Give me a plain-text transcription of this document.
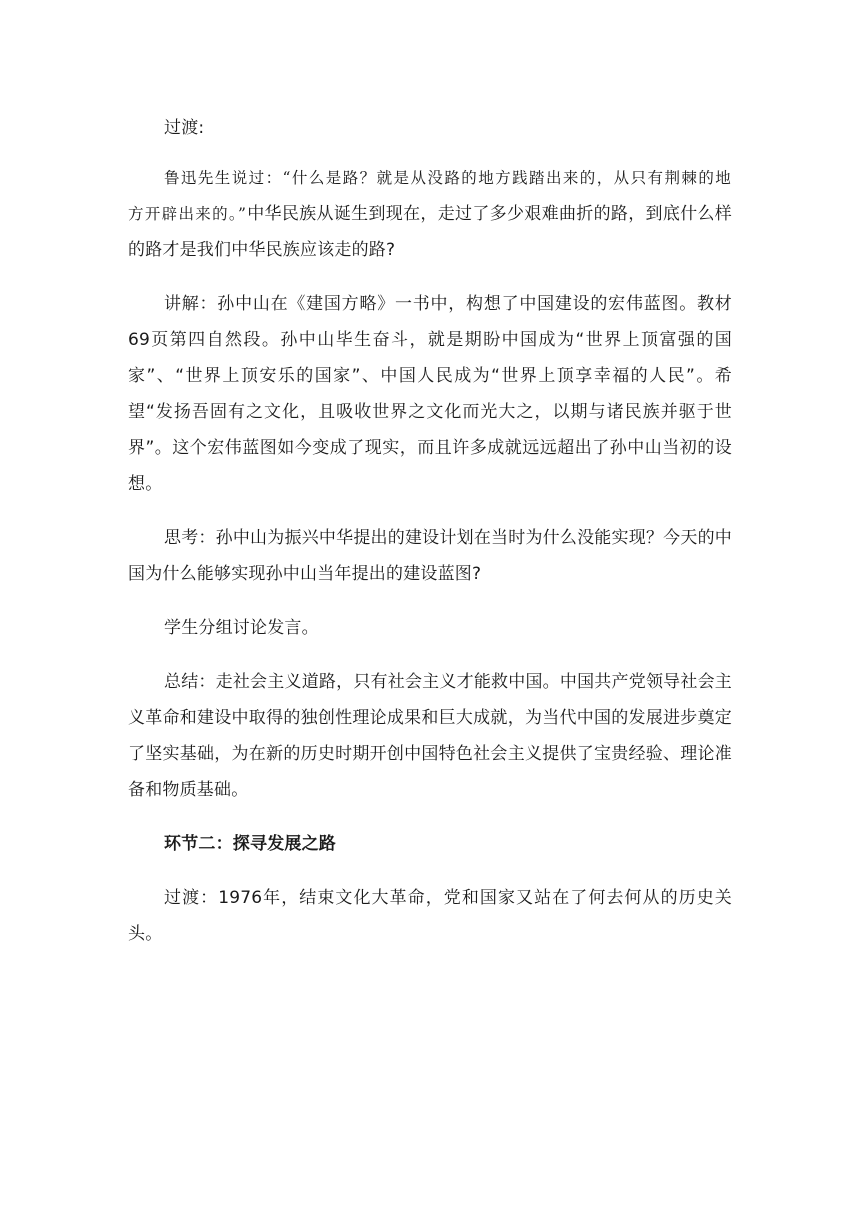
过渡:

鲁迅先生说过：“什么是路？就是从没路的地方践踏出来的，从只有荆棘的地方开辟出来的。”中华民族从诞生到现在，走过了多少艰难曲折的路，到底什么样的路才是我们中华民族应该走的路?

讲解：孙中山在《建国方略》一书中，构想了中国建设的宏伟蓝图。教材69页第四自然段。孙中山毕生奋斗，就是期盼中国成为“世界上顶富强的国家”、“世界上顶安乐的国家”、中国人民成为“世界上顶享幸福的人民”。希望“发扬吾固有之文化，且吸收世界之文化而光大之，以期与诸民族并驱于世界”。这个宏伟蓝图如今变成了现实，而且许多成就远远超出了孙中山当初的设想。

思考：孙中山为振兴中华提出的建设计划在当时为什么没能实现？今天的中国为什么能够实现孙中山当年提出的建设蓝图?

学生分组讨论发言。

总结：走社会主义道路，只有社会主义才能救中国。中国共产党领导社会主义革命和建设中取得的独创性理论成果和巨大成就，为当代中国的发展进步奠定了坚实基础，为在新的历史时期开创中国特色社会主义提供了宝贵经验、理论准备和物质基础。

环节二：探寻发展之路

过渡：1976年，结束文化大革命，党和国家又站在了何去何从的历史关头。
